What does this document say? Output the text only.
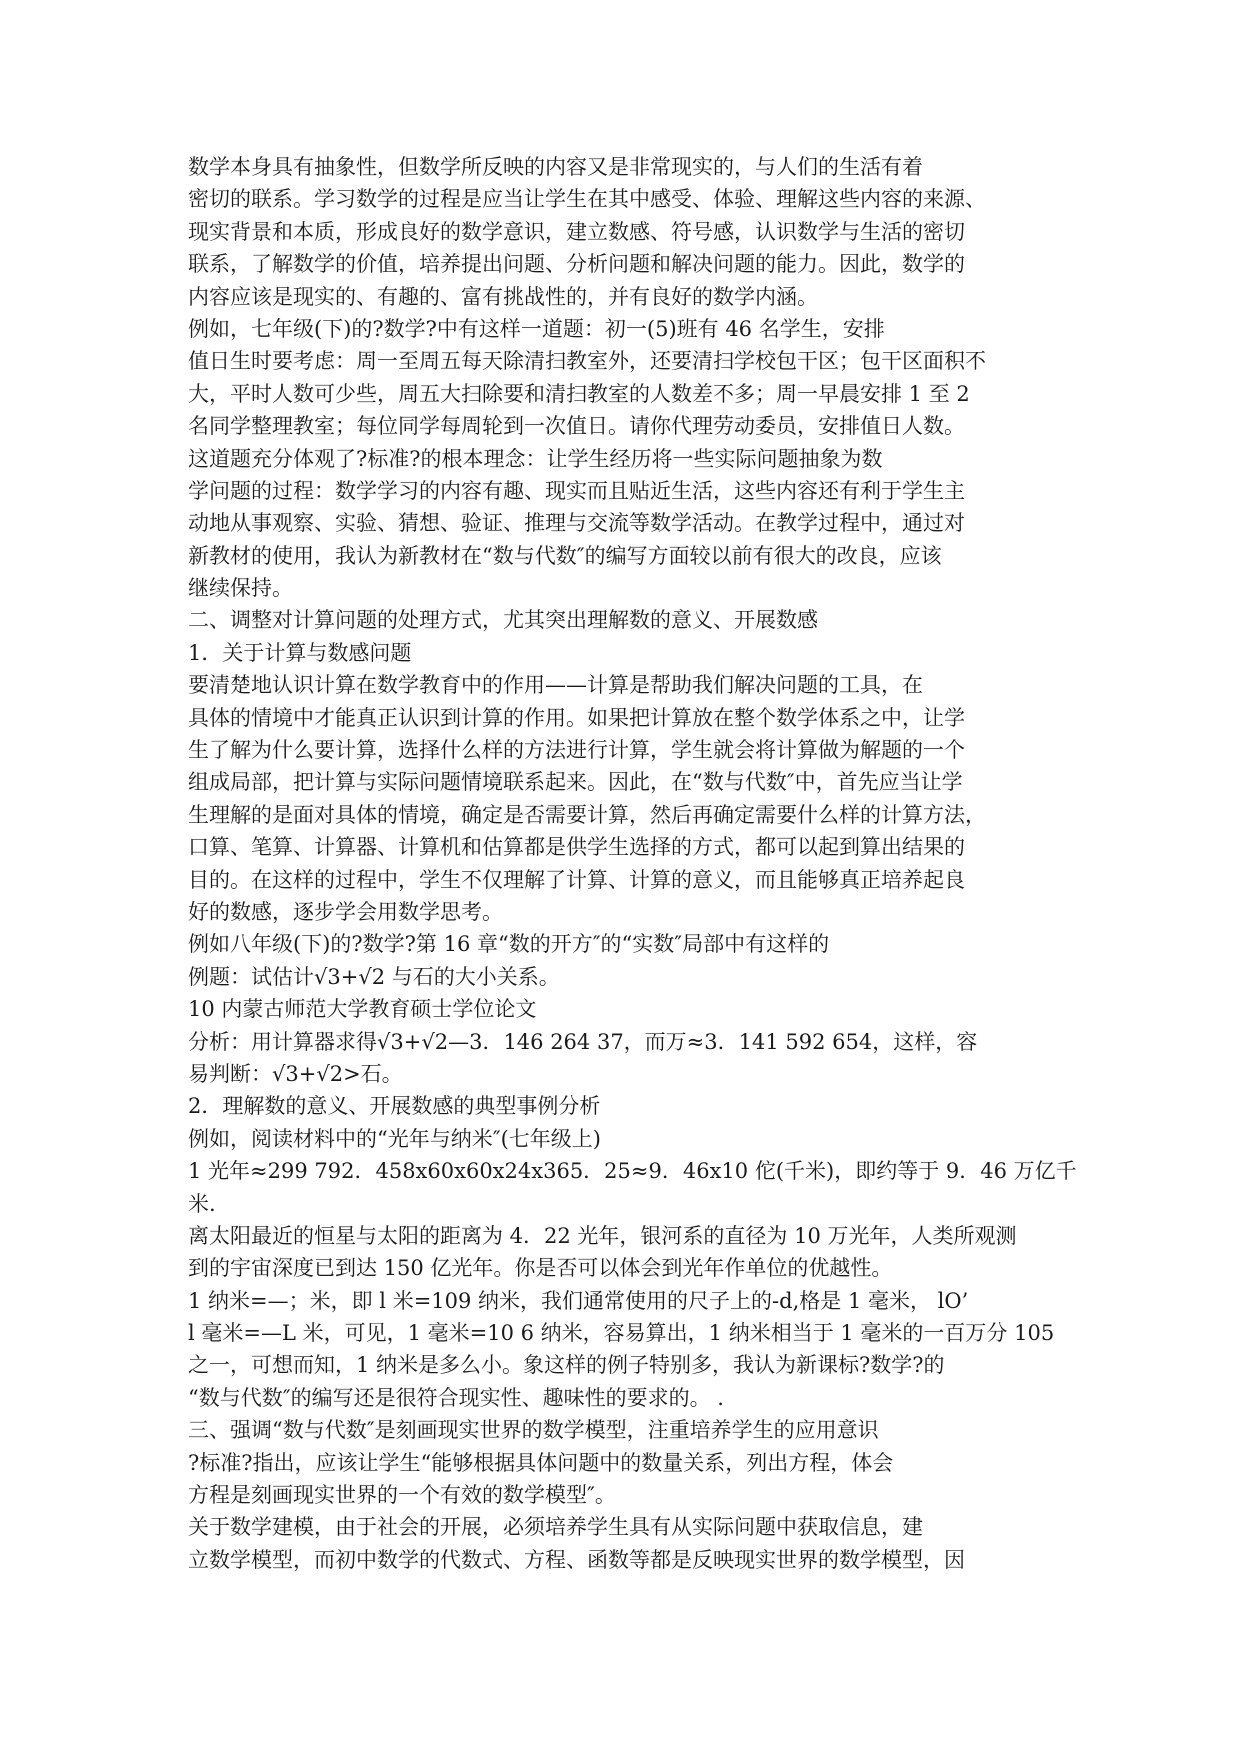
数学本身具有抽象性，但数学所反映的内容又是非常现实的，与人们的生活有着
密切的联系。学习数学的过程是应当让学生在其中感受、体验、理解这些内容的来源、
现实背景和本质，形成良好的数学意识，建立数感、符号感，认识数学与生活的密切
联系，了解数学的价值，培养提出问题、分析问题和解决问题的能力。因此，数学的
内容应该是现实的、有趣的、富有挑战性的，并有良好的数学内涵。
例如，七年级(下)的?数学?中有这样一道题：初一(5)班有 46 名学生，安排
值日生时要考虑：周一至周五每天除清扫教室外，还要清扫学校包干区；包干区面积不
大，平时人数可少些，周五大扫除要和清扫教室的人数差不多；周一早晨安排 1 至 2
名同学整理教室；每位同学每周轮到一次值日。请你代理劳动委员，安排值日人数。
这道题充分体观了?标准?的根本理念：让学生经历将一些实际问题抽象为数
学问题的过程：数学学习的内容有趣、现实而且贴近生活，这些内容还有利于学生主
动地从事观察、实验、猜想、验证、推理与交流等数学活动。在教学过程中，通过对
新教材的使用，我认为新教材在“数与代数″的编写方面较以前有很大的改良，应该
继续保持。
二、调整对计算问题的处理方式，尤其突出理解数的意义、开展数感
1．关于计算与数感问题
要清楚地认识计算在数学教育中的作用——计算是帮助我们解决问题的工具，在
具体的情境中才能真正认识到计算的作用。如果把计算放在整个数学体系之中，让学
生了解为什么要计算，选择什么样的方法进行计算，学生就会将计算做为解题的一个
组成局部，把计算与实际问题情境联系起来。因此，在“数与代数″中，首先应当让学
生理解的是面对具体的情境，确定是否需要计算，然后再确定需要什么样的计算方法，
口算、笔算、计算器、计算机和估算都是供学生选择的方式，都可以起到算出结果的
目的。在这样的过程中，学生不仅理解了计算、计算的意义，而且能够真正培养起良
好的数感，逐步学会用数学思考。
例如八年级(下)的?数学?第 16 章“数的开方″的“实数″局部中有这样的
例题：试估计√3+√2 与石的大小关系。
10 内蒙古师范大学教育硕士学位论文
分析：用计算器求得√3+√2—3．146 264 37，而万≈3．141 592 654，这样，容
易判断：√3+√2>石。
2．理解数的意义、开展数感的典型事例分析
例如，阅读材料中的“光年与纳米″(七年级上)
1 光年≈299 792．458x60x60x24x365．25≈9．46x10 佗(千米)，即约等于 9．46 万亿千
米.
离太阳最近的恒星与太阳的距离为 4．22 光年，银河系的直径为 10 万光年，人类所观测
到的宇宙深度已到达 150 亿光年。你是否可以体会到光年作单位的优越性。
1 纳米=—；米，即 l 米=109 纳米，我们通常使用的尺子上的-d,格是 1 毫米， lO’
l 毫米=—L 米，可见，1 毫米=10 6 纳米，容易算出，1 纳米相当于 1 毫米的一百万分 105
之一，可想而知，1 纳米是多么小。象这样的例子特别多，我认为新课标?数学?的
“数与代数″的编写还是很符合现实性、趣味性的要求的。 .
三、强调“数与代数″是刻画现实世界的数学模型，注重培养学生的应用意识
?标准?指出，应该让学生“能够根据具体问题中的数量关系，列出方程，体会
方程是刻画现实世界的一个有效的数学模型″。
关于数学建模，由于社会的开展，必须培养学生具有从实际问题中获取信息，建
立数学模型，而初中数学的代数式、方程、函数等都是反映现实世界的数学模型，因
